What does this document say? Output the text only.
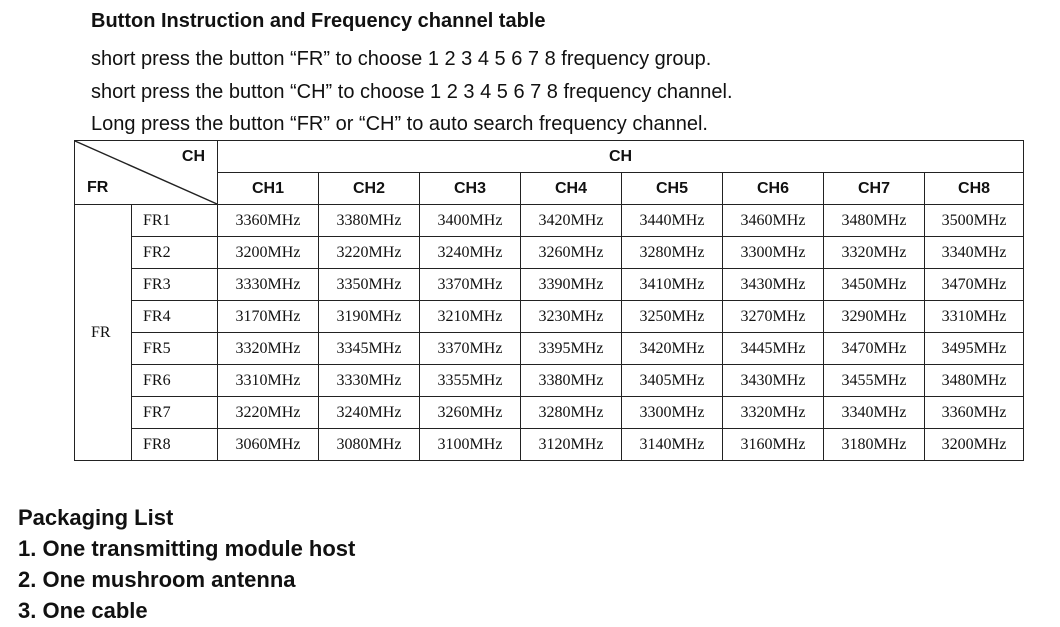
Button Instruction and Frequency channel table
short press the button “FR” to choose 1 2 3 4 5 6 7 8 frequency group.
short press the button “CH” to choose 1 2 3 4 5 6 7 8 frequency channel.
Long press the button “FR” or “CH” to auto search frequency channel.
CH
FR		CH							
		CH1	CH2	CH3	CH4	CH5	CH6	CH7	CH8
FR	FR1	3360MHz	3380MHz	3400MHz	3420MHz	3440MHz	3460MHz	3480MHz	3500MHz
	FR2	3200MHz	3220MHz	3240MHz	3260MHz	3280MHz	3300MHz	3320MHz	3340MHz
	FR3	3330MHz	3350MHz	3370MHz	3390MHz	3410MHz	3430MHz	3450MHz	3470MHz
	FR4	3170MHz	3190MHz	3210MHz	3230MHz	3250MHz	3270MHz	3290MHz	3310MHz
	FR5	3320MHz	3345MHz	3370MHz	3395MHz	3420MHz	3445MHz	3470MHz	3495MHz
	FR6	3310MHz	3330MHz	3355MHz	3380MHz	3405MHz	3430MHz	3455MHz	3480MHz
	FR7	3220MHz	3240MHz	3260MHz	3280MHz	3300MHz	3320MHz	3340MHz	3360MHz
	FR8	3060MHz	3080MHz	3100MHz	3120MHz	3140MHz	3160MHz	3180MHz	3200MHz
Packaging List
1. One transmitting module host
2. One mushroom antenna
3. One cable
